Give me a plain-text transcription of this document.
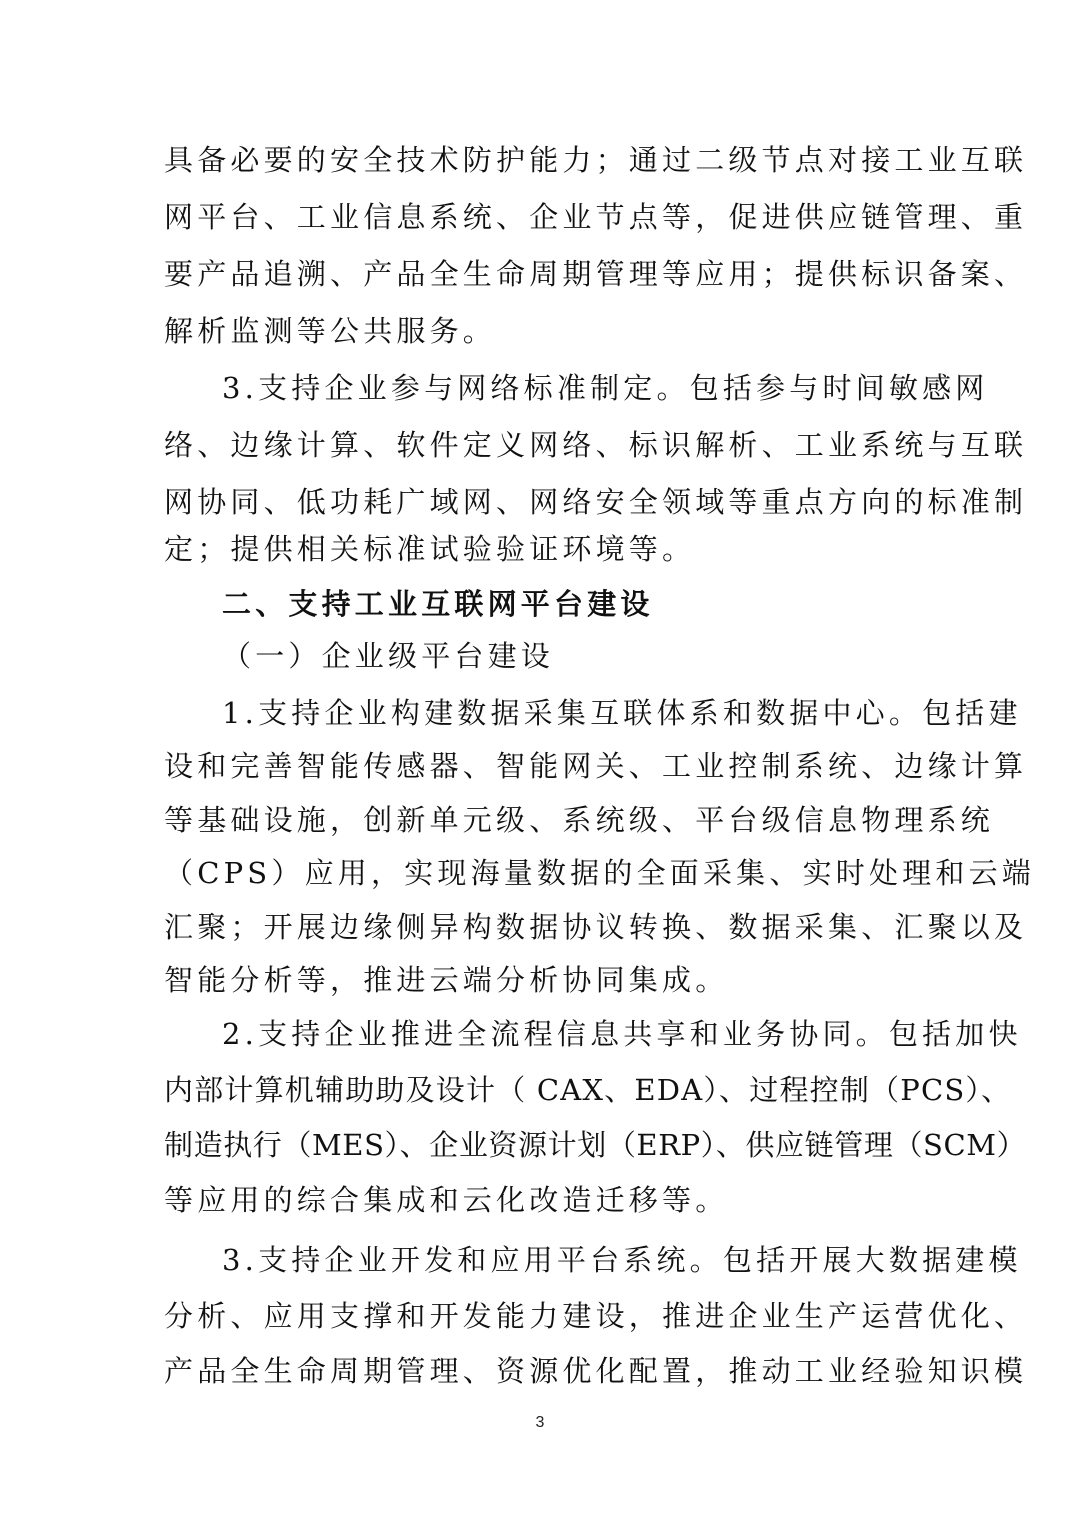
具备必要的安全技术防护能力；通过二级节点对接工业互联
网平台、工业信息系统、企业节点等，促进供应链管理、重
要产品追溯、产品全生命周期管理等应用；提供标识备案、
解析监测等公共服务。
3.支持企业参与网络标准制定。包括参与时间敏感网
络、边缘计算、软件定义网络、标识解析、工业系统与互联
网协同、低功耗广域网、网络安全领域等重点方向的标准制
定；提供相关标准试验验证环境等。
二、支持工业互联网平台建设
（一）企业级平台建设
1.支持企业构建数据采集互联体系和数据中心。包括建
设和完善智能传感器、智能网关、工业控制系统、边缘计算
等基础设施，创新单元级、系统级、平台级信息物理系统
（CPS）应用，实现海量数据的全面采集、实时处理和云端
汇聚；开展边缘侧异构数据协议转换、数据采集、汇聚以及
智能分析等，推进云端分析协同集成。
2.支持企业推进全流程信息共享和业务协同。包括加快
内部计算机辅助助及设计（ CAX、EDA）、过程控制（PCS）、
制造执行（MES）、企业资源计划（ERP）、供应链管理（SCM）
等应用的综合集成和云化改造迁移等。
3.支持企业开发和应用平台系统。包括开展大数据建模
分析、应用支撑和开发能力建设，推进企业生产运营优化、
产品全生命周期管理、资源优化配置，推动工业经验知识模
3
